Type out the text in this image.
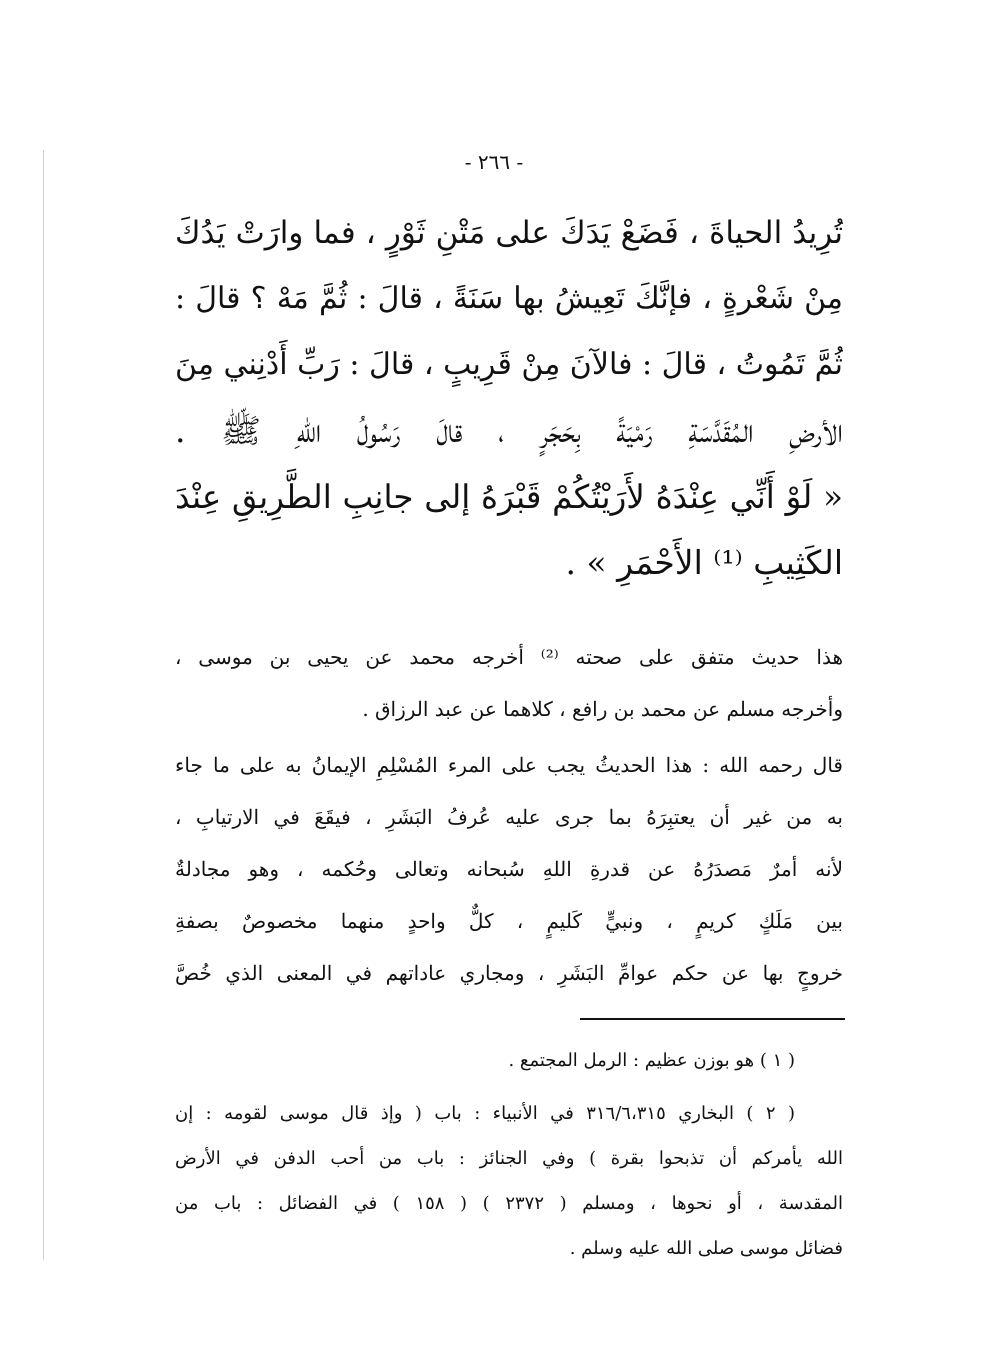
- ٢٦٦ -
تُرِيدُ الحياةَ ، فَضَعْ يَدَكَ على مَتْنِ ثَوْرٍ ، فما وارَتْ يَدُكَ
مِنْ شَعْرةٍ ، فإنَّكَ تَعِيشُ بها سَنَةً ، قالَ : ثُمَّ مَهْ ؟ قالَ :
ثُمَّ تَمُوتُ ، قالَ : فالآنَ مِنْ قَرِيبٍ ، قالَ : رَبِّ أَدْنِني مِنَ
الأرضِ المُقَدَّسَةِ رَمْيَةً بِحَجَرٍ ، قالَ رَسُولُ اللهِ ﷺ .
« لَوْ أَنِّي عِنْدَهُ لأَرَيْتُكُمْ قَبْرَهُ إلى جانِبِ الطَّرِيقِ عِنْدَ
الكَثِيبِ ⁽¹⁾ الأَحْمَرِ » .
هذا حديث متفق على صحته ⁽²⁾ أخرجه محمد عن يحيى بن موسى ،
وأخرجه مسلم عن محمد بن رافع ، كلاهما عن عبد الرزاق .
قال رحمه الله : هذا الحديثُ يجب على المرء المُسْلِمِ الإيمانُ به على ما جاء
به من غير أن يعتبِرَهُ بما جرى عليه عُرفُ البَشَرِ ، فيقَعَ في الارتيابِ ،
لأنه أمرٌ مَصدَرُهُ عن قدرةِ اللهِ سُبحانه وتعالى وحُكمه ، وهو مجادلةٌ
بين مَلَكٍ كريمٍ ، ونبيٍّ كَليمٍ ، كلٌّ واحدٍ منهما مخصوصٌ بصفةِ
خروجٍ بها عن حكم عوامِّ البَشَرِ ، ومجاري عاداتهم في المعنى الذي خُصَّ
( ١ ) هو بوزن عظيم : الرمل المجتمع .
( ٢ ) البخاري ٣١٦/٦،٣١٥ في الأنبياء : باب ( وإذ قال موسى لقومه : إن
الله يأمركم أن تذبحوا بقرة ) وفي الجنائز : باب من أحب الدفن في الأرض
المقدسة ، أو نحوها ، ومسلم ( ٢٣٧٢ ) ( ١٥٨ ) في الفضائل : باب من
فضائل موسى صلى الله عليه وسلم .
